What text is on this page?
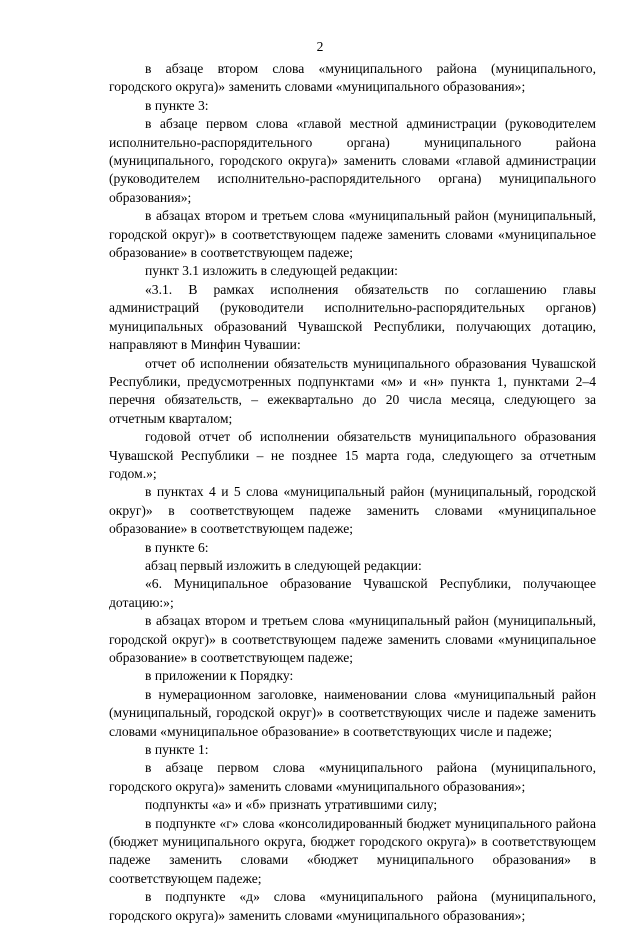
2

в абзаце втором слова «муниципального района (муниципального, городского округа)» заменить словами «муниципального образования»;

в пункте 3:

в абзаце первом слова «главой местной администрации (руководителем исполнительно-распорядительного органа) муниципального района (муниципального, городского округа)» заменить словами «главой администрации (руководителем исполнительно-распорядительного органа) муниципального образования»;

в абзацах втором и третьем слова «муниципальный район (муниципальный, городской округ)» в соответствующем падеже заменить словами «муниципальное образование» в соответствующем падеже;

пункт 3.1 изложить в следующей редакции:

«3.1. В рамках исполнения обязательств по соглашению главы администраций (руководители исполнительно-распорядительных органов) муниципальных образований Чувашской Республики, получающих дотацию, направляют в Минфин Чувашии:

отчет об исполнении обязательств муниципального образования Чувашской Республики, предусмотренных подпунктами «м» и «н» пункта 1, пунктами 2–4 перечня обязательств, – ежеквартально до 20 числа месяца, следующего за отчетным кварталом;

годовой отчет об исполнении обязательств муниципального образования Чувашской Республики – не позднее 15 марта года, следующего за отчетным годом.»;

в пунктах 4 и 5 слова «муниципальный район (муниципальный, городской округ)» в соответствующем падеже заменить словами «муниципальное образование» в соответствующем падеже;

в пункте 6:

абзац первый изложить в следующей редакции:

«6. Муниципальное образование Чувашской Республики, получающее дотацию:»;

в абзацах втором и третьем слова «муниципальный район (муниципальный, городской округ)» в соответствующем падеже заменить словами «муниципальное образование» в соответствующем падеже;

в приложении к Порядку:

в нумерационном заголовке, наименовании слова «муниципальный район (муниципальный, городской округ)» в соответствующих числе и падеже заменить словами «муниципальное образование» в соответствующих числе и падеже;

в пункте 1:

в абзаце первом слова «муниципального района (муниципального, городского округа)» заменить словами «муниципального образования»;

подпункты «а» и «б» признать утратившими силу;

в подпункте «г» слова «консолидированный бюджет муниципального района (бюджет муниципального округа, бюджет городского округа)» в соответствующем падеже заменить словами «бюджет муниципального образования» в соответствующем падеже;

в подпункте «д» слова «муниципального района (муниципального, городского округа)» заменить словами «муниципального образования»;
